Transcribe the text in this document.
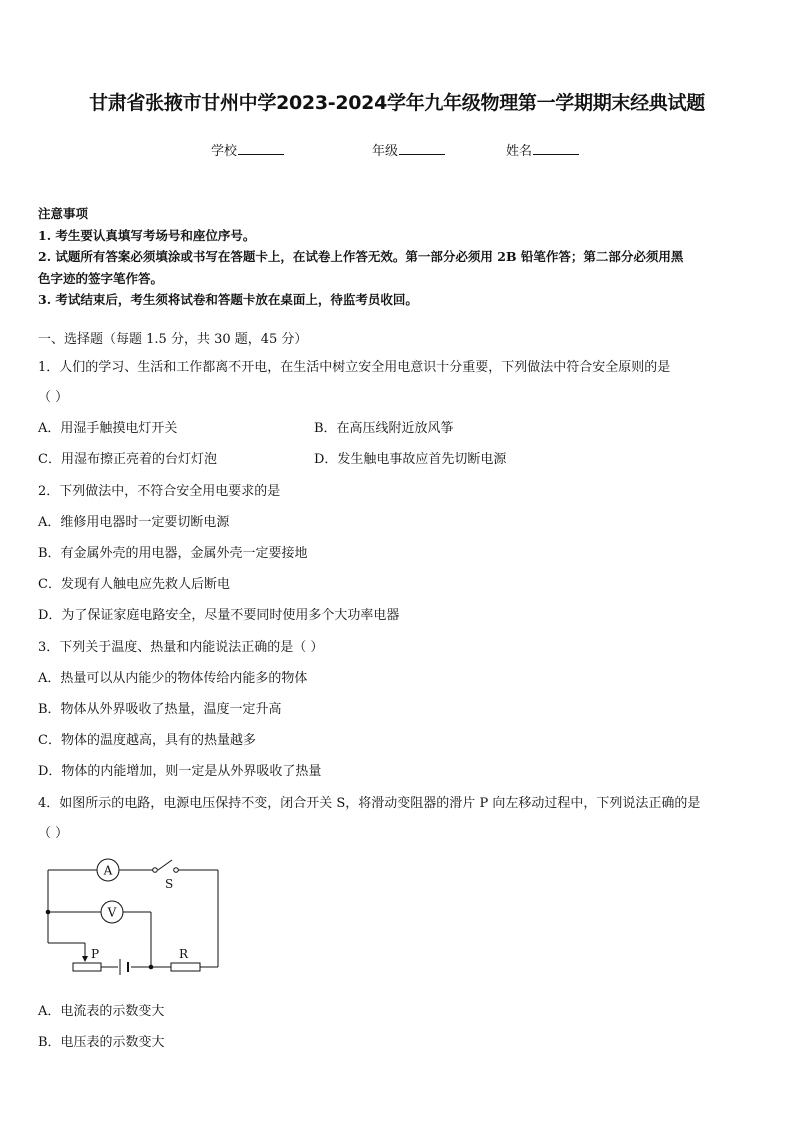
甘肃省张掖市甘州中学2023-2024学年九年级物理第一学期期末经典试题
学校	年级	姓名
注意事项
1. 考生要认真填写考场号和座位序号。
2. 试题所有答案必须填涂或书写在答题卡上，在试卷上作答无效。第一部分必须用 2B 铅笔作答；第二部分必须用黑
色字迹的签字笔作答。
3. 考试结束后，考生须将试卷和答题卡放在桌面上，待监考员收回。
一、选择题（每题 1.5 分，共 30 题，45 分）
1．人们的学习、生活和工作都离不开电，在生活中树立安全用电意识十分重要，下列做法中符合安全原则的是
（ ）
A．用湿手触摸电灯开关	B．在高压线附近放风筝
C．用湿布擦正亮着的台灯灯泡	D．发生触电事故应首先切断电源
2．下列做法中，不符合安全用电要求的是
A．维修用电器时一定要切断电源
B．有金属外壳的用电器，金属外壳一定要接地
C．发现有人触电应先救人后断电
D．为了保证家庭电路安全，尽量不要同时使用多个大功率电器
3．下列关于温度、热量和内能说法正确的是（ ）
A．热量可以从内能少的物体传给内能多的物体
B．物体从外界吸收了热量，温度一定升高
C．物体的温度越高，具有的热量越多
D．物体的内能增加，则一定是从外界吸收了热量
4．如图所示的电路，电源电压保持不变，闭合开关 S，将滑动变阻器的滑片 P 向左移动过程中，下列说法正确的是
（ ）
A
V
S
P	R
A．电流表的示数变大
B．电压表的示数变大
